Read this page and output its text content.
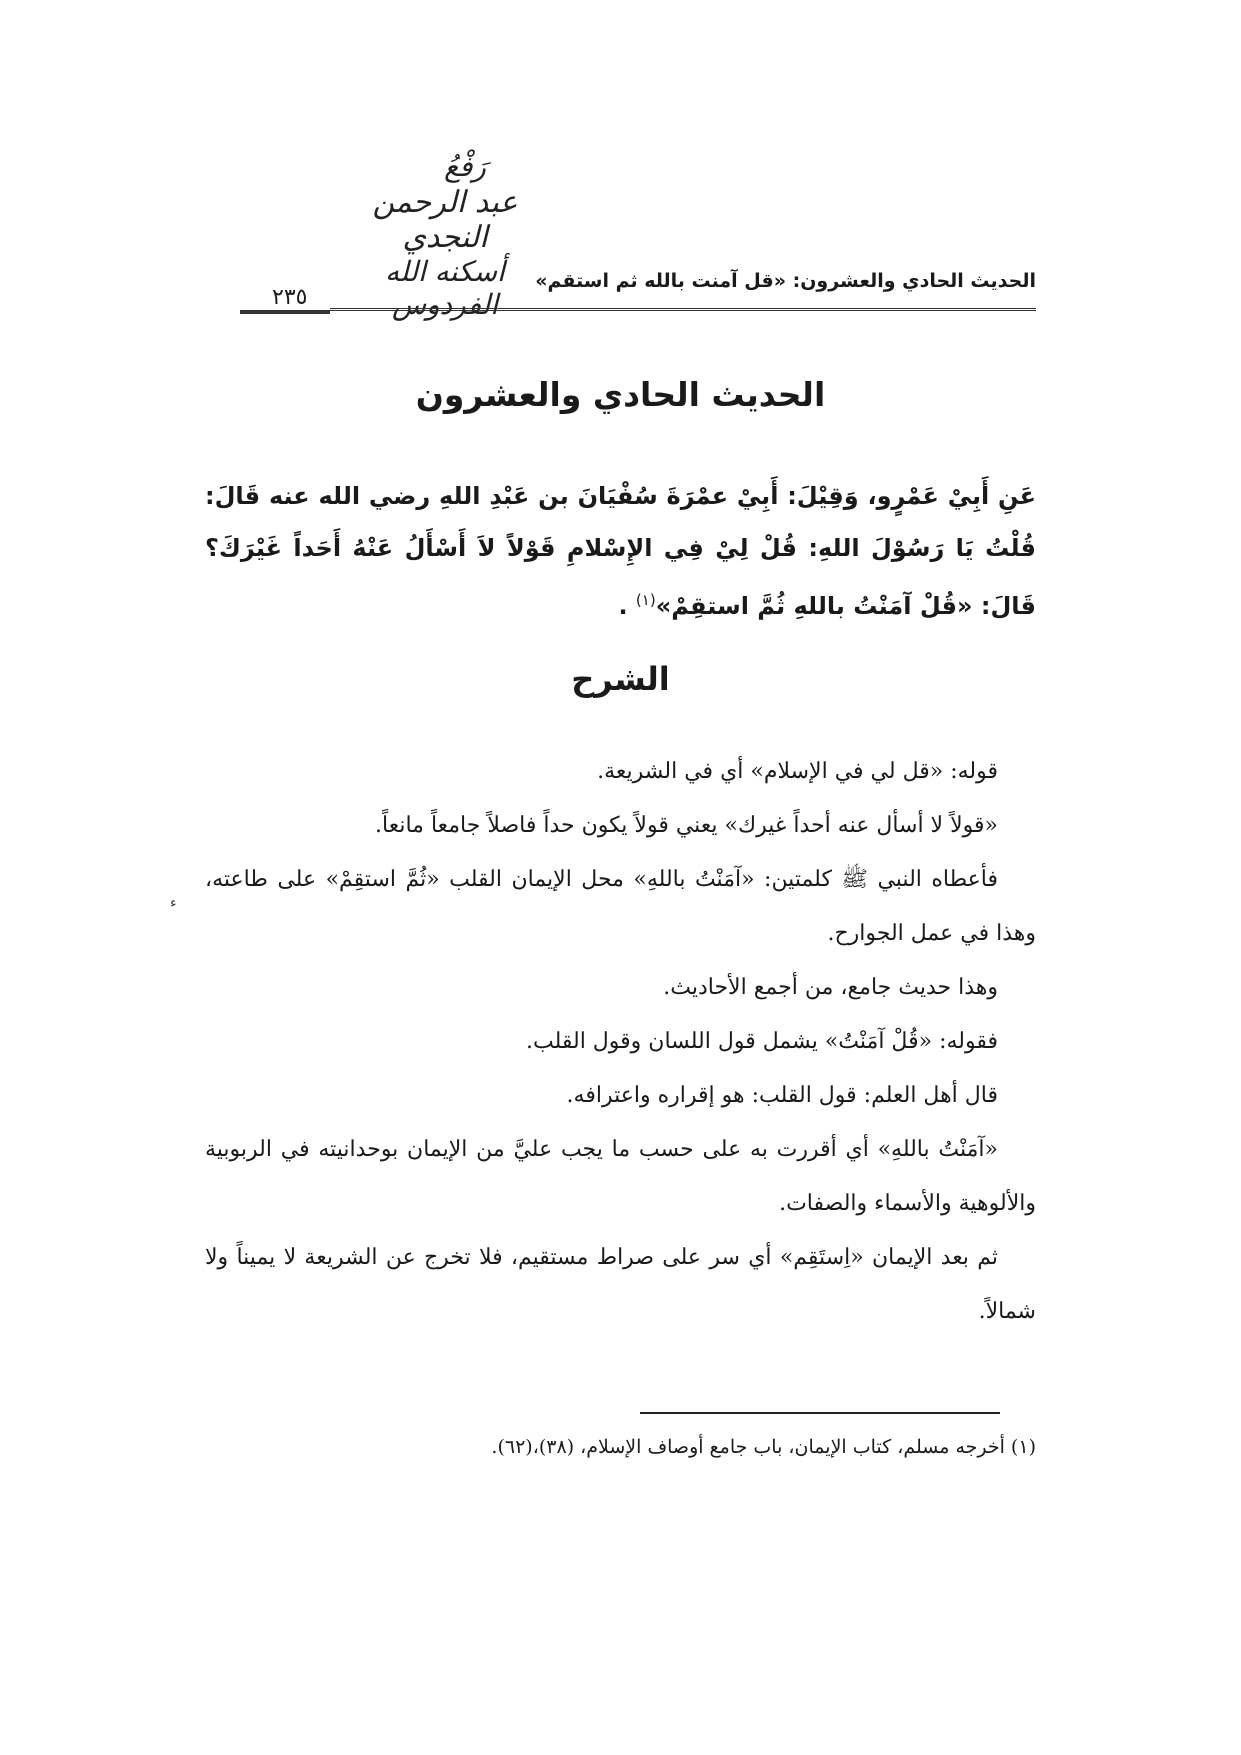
رَفْعُ
عبد الرحمن النجدي
أسكنه الله الفردوس
الحديث الحادي والعشرون: «قل آمنت بالله ثم استقم»
٢٣٥
الحديث الحادي والعشرون
عَنِ أَبِيْ عَمْرٍو، وَقِيْلَ: أَبِيْ عمْرَةَ سُفْيَانَ بن عَبْدِ اللهِ رضي الله عنه قَالَ: قُلْتُ يَا رَسُوْلَ اللهِ: قُلْ لِيْ فِي الإِسْلامِ قَوْلاً لاَ أَسْأَلُ عَنْهُ أَحَداً غَيْرَكَ؟ قَالَ: «قُلْ آمَنْتُ باللهِ ثُمَّ استقِمْ»$^{(١)}$ .
الشرح
ء

قوله: «قل لي في الإسلام» أي في الشريعة.

«قولاً لا أسأل عنه أحداً غيرك» يعني قولاً يكون حداً فاصلاً جامعاً مانعاً.

فأعطاه النبي ﷺ كلمتين: «آمَنْتُ باللهِ» محل الإيمان القلب «ثُمَّ استقِمْ» على طاعته، وهذا في عمل الجوارح.

وهذا حديث جامع، من أجمع الأحاديث.

فقوله: «قُلْ آمَنْتُ» يشمل قول اللسان وقول القلب.

قال أهل العلم: قول القلب: هو إقراره واعترافه.

«آمَنْتُ باللهِ» أي أقررت به على حسب ما يجب عليَّ من الإيمان بوحدانيته في الربوبية والألوهية والأسماء والصفات.

ثم بعد الإيمان «اِستَقِم» أي سر على صراط مستقيم، فلا تخرج عن الشريعة لا يميناً ولا شمالاً.

(١) أخرجه مسلم، كتاب الإيمان، باب جامع أوصاف الإسلام، (٣٨)،(٦٢).
